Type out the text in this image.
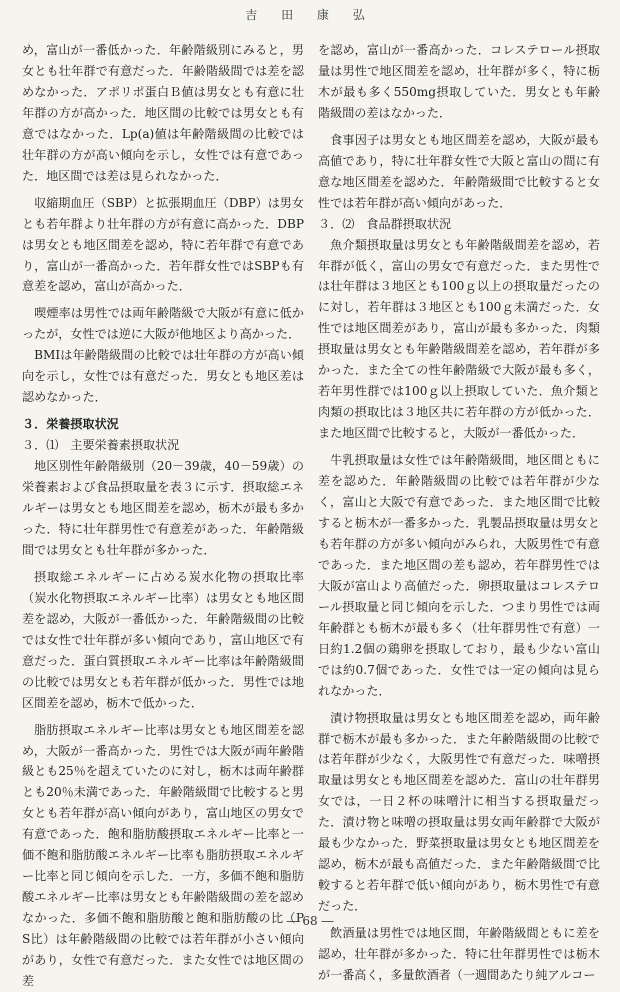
吉 田 康 弘
め，富山が一番低かった．年齢階級別にみると，男女とも壮年群で有意だった．年齢階級間では差を認めなかった．アポリポ蛋白Ｂ値は男女とも有意に壮年群の方が高かった．地区間の比較では男女とも有意ではなかった．Lp(a)値は年齢階級間の比較では壮年群の方が高い傾向を示し，女性では有意であった．地区間では差は見られなかった．
収縮期血圧（SBP）と拡張期血圧（DBP）は男女とも若年群より壮年群の方が有意に高かった．DBPは男女とも地区間差を認め，特に若年群で有意であり，富山が一番高かった．若年群女性ではSBPも有意差を認め，富山が高かった．
喫煙率は男性では両年齢階級で大阪が有意に低かったが，女性では逆に大阪が他地区より高かった．
BMIは年齢階級間の比較では壮年群の方が高い傾向を示し，女性では有意だった．男女とも地区差は認めなかった．
３．栄養摂取状況
３．⑴　主要栄養素摂取状況
地区別性年齢階級別（20－39歳，40－59歳）の栄養素および食品摂取量を表３に示す．摂取総エネルギーは男女とも地区間差を認め，栃木が最も多かった．特に壮年群男性で有意差があった．年齢階級間では男女とも壮年群が多かった．
摂取総エネルギーに占める炭水化物の摂取比率（炭水化物摂取エネルギー比率）は男女とも地区間差を認め，大阪が一番低かった．年齢階級間の比較では女性で壮年群が多い傾向であり，富山地区で有意だった．蛋白質摂取エネルギー比率は年齢階級間の比較では男女とも若年群が低かった．男性では地区間差を認め，栃木で低かった．
脂肪摂取エネルギー比率は男女とも地区間差を認め，大阪が一番高かった．男性では大阪が両年齢階級とも25％を超えていたのに対し，栃木は両年齢群とも20％未満であった．年齢階級間で比較すると男女とも若年群が高い傾向があり，富山地区の男女で有意であった．飽和脂肪酸摂取エネルギー比率と一価不飽和脂肪酸エネルギー比率も脂肪摂取エネルギー比率と同じ傾向を示した．一方，多価不飽和脂肪酸エネルギー比率は男女とも年齢階級間の差を認めなかった．多価不飽和脂肪酸と飽和脂肪酸の比（PS比）は年齢階級間の比較では若年群が小さい傾向があり，女性で有意だった．また女性では地区間の差
を認め，富山が一番高かった．コレステロール摂取量は男性で地区間差を認め，壮年群が多く，特に栃木が最も多く550mg摂取していた．男女とも年齢階級間の差はなかった．
食事因子は男女とも地区間差を認め，大阪が最も高値であり，特に壮年群女性で大阪と富山の間に有意な地区間差を認めた．年齢階級間で比較すると女性では若年群が高い傾向があった．
３．⑵　食品群摂取状況
魚介類摂取量は男女とも年齢階級間差を認め，若年群が低く，富山の男女で有意だった．また男性では壮年群は３地区とも100ｇ以上の摂取量だったのに対し，若年群は３地区とも100ｇ未満だった．女性では地区間差があり，富山が最も多かった．肉類摂取量は男女とも年齢階級間差を認め，若年群が多かった．また全ての性年齢階級で大阪が最も多く，若年男性群では100ｇ以上摂取していた．魚介類と肉類の摂取比は３地区共に若年群の方が低かった．また地区間で比較すると，大阪が一番低かった．
牛乳摂取量は女性では年齢階級間，地区間ともに差を認めた．年齢階級間の比較では若年群が少なく，富山と大阪で有意であった．また地区間で比較すると栃木が一番多かった．乳製品摂取量は男女とも若年群の方が多い傾向がみられ，大阪男性で有意であった．また地区間の差も認め，若年群男性では大阪が富山より高値だった．卵摂取量はコレステロール摂取量と同じ傾向を示した．つまり男性では両年齢群とも栃木が最も多く（壮年群男性で有意）一日約1.2個の鶏卵を摂取しており，最も少ない富山では約0.7個であった．女性では一定の傾向は見られなかった．
漬け物摂取量は男女とも地区間差を認め，両年齢群で栃木が最も多かった．また年齢階級間の比較では若年群が少なく，大阪男性で有意だった．味噌摂取量は男女とも地区間差を認めた．富山の壮年群男女では，一日２杯の味噌汁に相当する摂取量だった．漬け物と味噌の摂取量は男女両年齢群で大阪が最も少なかった．野菜摂取量は男女とも地区間差を認め，栃木が最も高値だった．また年齢階級間で比較すると若年群で低い傾向があり，栃木男性で有意だった．
飲酒量は男性では地区間，年齢階級間ともに差を認め，壮年群が多かった．特に壮年群男性では栃木が一番高く，多量飲酒者（一週間あたり純アルコー
― 68 ―
